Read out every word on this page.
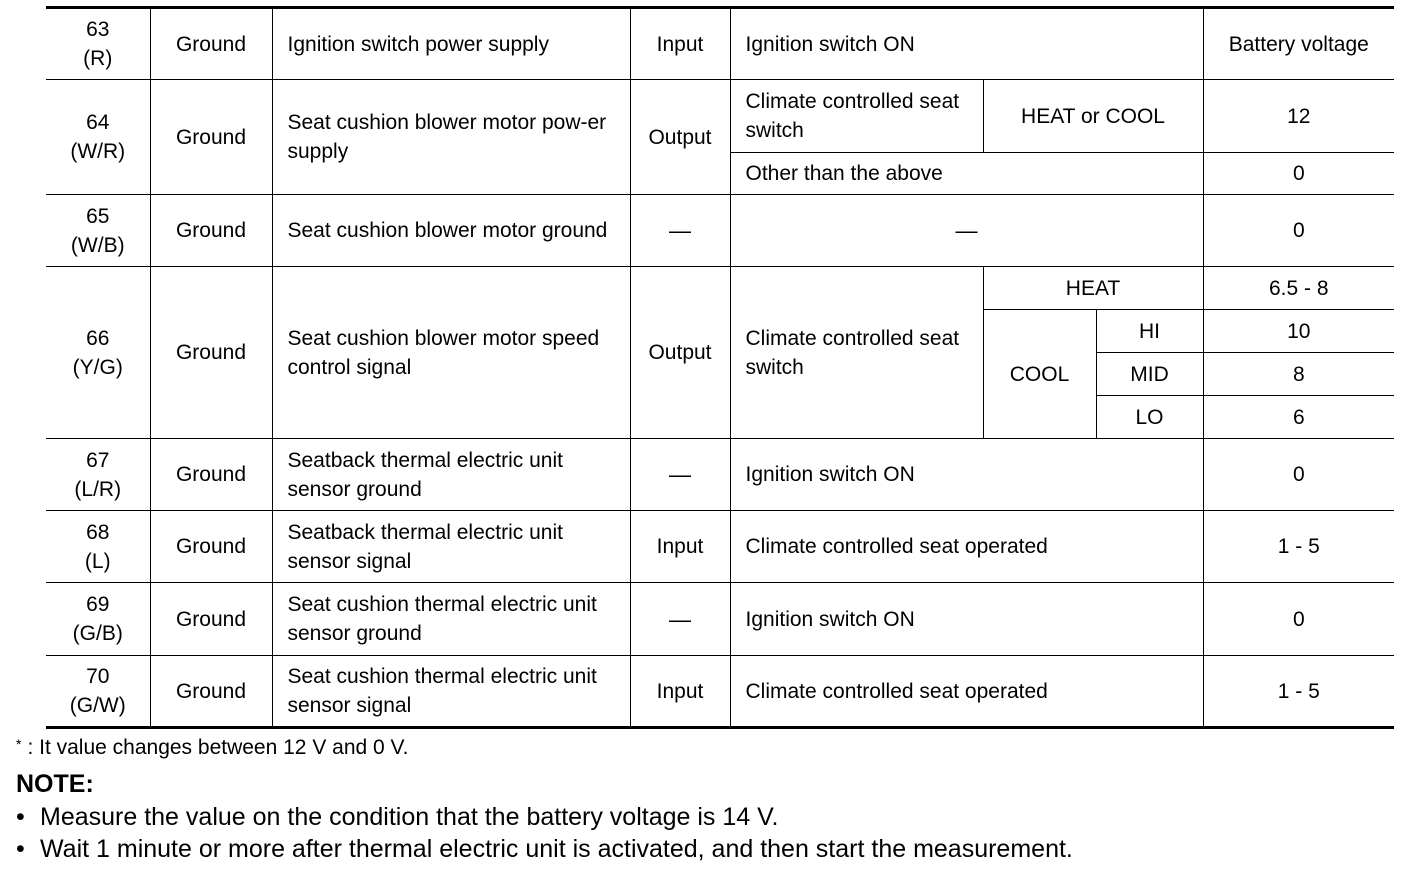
63
(R)	Ground	Ignition switch power supply	Input	Ignition switch ON			Battery voltage

64
(W/R)	Ground	Seat cushion blower motor pow-er supply	Output	Climate controlled seat switch	HEAT or COOL		12
				Other than the above			0

65
(W/B)	Ground	Seat cushion blower motor ground	—	—			0

66
(Y/G)	Ground	Seat cushion blower motor speed control signal	Output	Climate controlled seat switch	HEAT		6.5 - 8
					COOL	HI	10
						MID	8
						LO	6

67
(L/R)	Ground	Seatback thermal electric unit sensor ground	—	Ignition switch ON			0

68
(L)	Ground	Seatback thermal electric unit sensor signal	Input	Climate controlled seat operated			1 - 5

69
(G/B)	Ground	Seat cushion thermal electric unit sensor ground	—	Ignition switch ON			0

70
(G/W)	Ground	Seat cushion thermal electric unit sensor signal	Input	Climate controlled seat operated			1 - 5
* : It value changes between 12 V and 0 V.
NOTE:
• Measure the value on the condition that the battery voltage is 14 V.
• Wait 1 minute or more after thermal electric unit is activated, and then start the measurement.
